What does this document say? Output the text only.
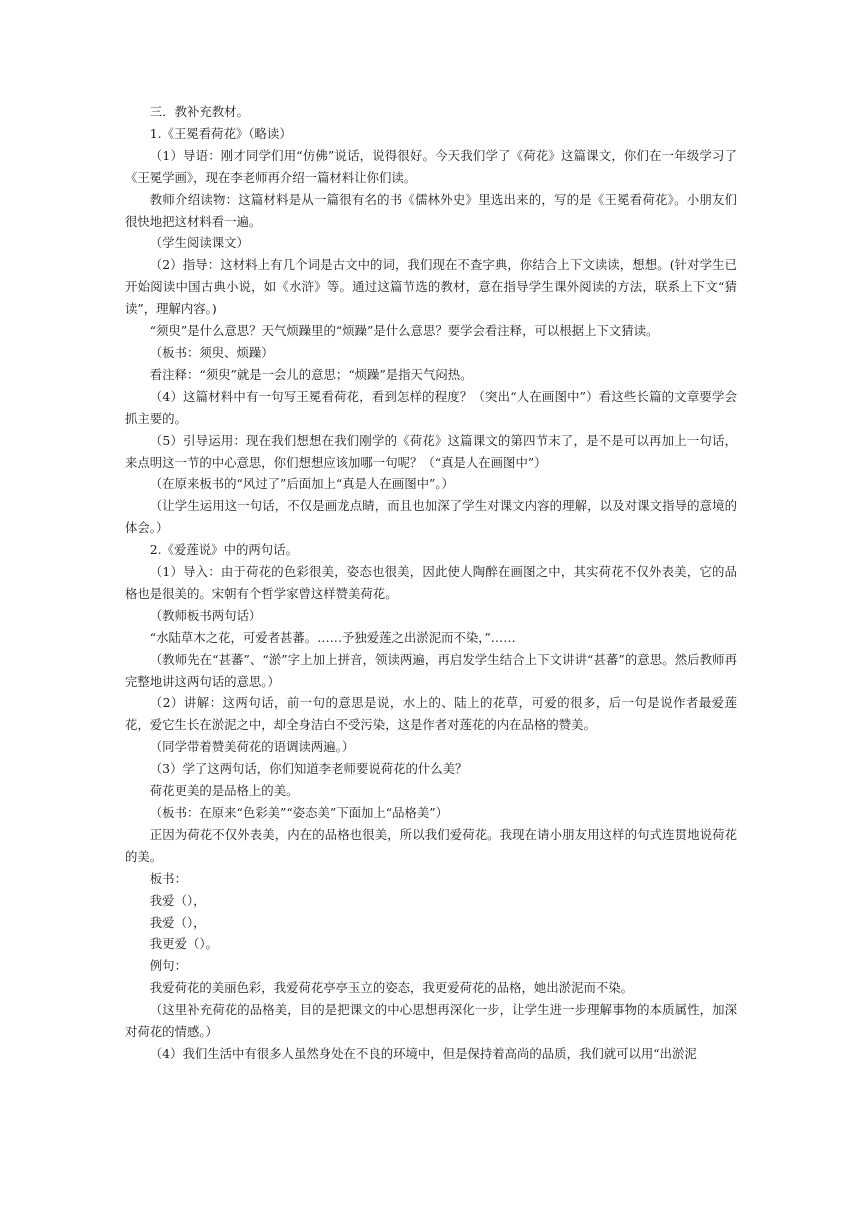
三．教补充教材。

1.《王冕看荷花》（略读）

（1）导语：刚才同学们用“仿佛”说话，说得很好。今天我们学了《荷花》这篇课文，你们在一年级学习了《王冕学画》，现在李老师再介绍一篇材料让你们读。

教师介绍读物：这篇材料是从一篇很有名的书《儒林外史》里选出来的，写的是《王冕看荷花》。小朋友们很快地把这材料看一遍。

（学生阅读课文）

（2）指导：这材料上有几个词是古文中的词，我们现在不查字典，你结合上下文读读，想想。(针对学生已开始阅读中国古典小说，如《水浒》等。通过这篇节选的教材，意在指导学生课外阅读的方法，联系上下文“猜读”，理解内容。)

“须臾”是什么意思？天气烦躁里的“烦躁”是什么意思？要学会看注释，可以根据上下文猜读。

（板书：须臾、烦躁）

看注释：“须臾”就是一会儿的意思；“烦躁”是指天气闷热。

（4）这篇材料中有一句写王冕看荷花，看到怎样的程度？（突出“人在画图中”）看这些长篇的文章要学会抓主要的。

（5）引导运用：现在我们想想在我们刚学的《荷花》这篇课文的第四节末了，是不是可以再加上一句话，来点明这一节的中心意思，你们想想应该加哪一句呢？（“真是人在画图中”）

（在原来板书的“风过了”后面加上“真是人在画图中”。）

（让学生运用这一句话，不仅是画龙点睛，而且也加深了学生对课文内容的理解，以及对课文指导的意境的体会。）

2.《爱莲说》中的两句话。

（1）导入：由于荷花的色彩很美，姿态也很美，因此使人陶醉在画图之中，其实荷花不仅外表美，它的品格也是很美的。宋朝有个哲学家曾这样赞美荷花。

（教师板书两句话）

“水陆草木之花，可爱者甚蕃。……予独爱莲之出淤泥而不染，”……

（教师先在“甚蕃”、“淤”字上加上拼音，领读两遍，再启发学生结合上下文讲讲“甚蕃”的意思。然后教师再完整地讲这两句话的意思。）

（2）讲解：这两句话，前一句的意思是说，水上的、陆上的花草，可爱的很多，后一句是说作者最爱莲花，爱它生长在淤泥之中，却全身洁白不受污染，这是作者对莲花的内在品格的赞美。

（同学带着赞美荷花的语调读两遍。）

（3）学了这两句话，你们知道李老师要说荷花的什么美？

荷花更美的是品格上的美。

（板书：在原来“色彩美”“姿态美”下面加上“品格美”）

正因为荷花不仅外表美，内在的品格也很美，所以我们爱荷花。我现在请小朋友用这样的句式连贯地说荷花的美。

板书：

我爱（），

我爱（），

我更爱（）。

例句：

我爱荷花的美丽色彩，我爱荷花亭亭玉立的姿态，我更爱荷花的品格，她出淤泥而不染。

（这里补充荷花的品格美，目的是把课文的中心思想再深化一步，让学生进一步理解事物的本质属性，加深对荷花的情感。）

（4）我们生活中有很多人虽然身处在不良的环境中，但是保持着高尚的品质，我们就可以用“出淤泥
